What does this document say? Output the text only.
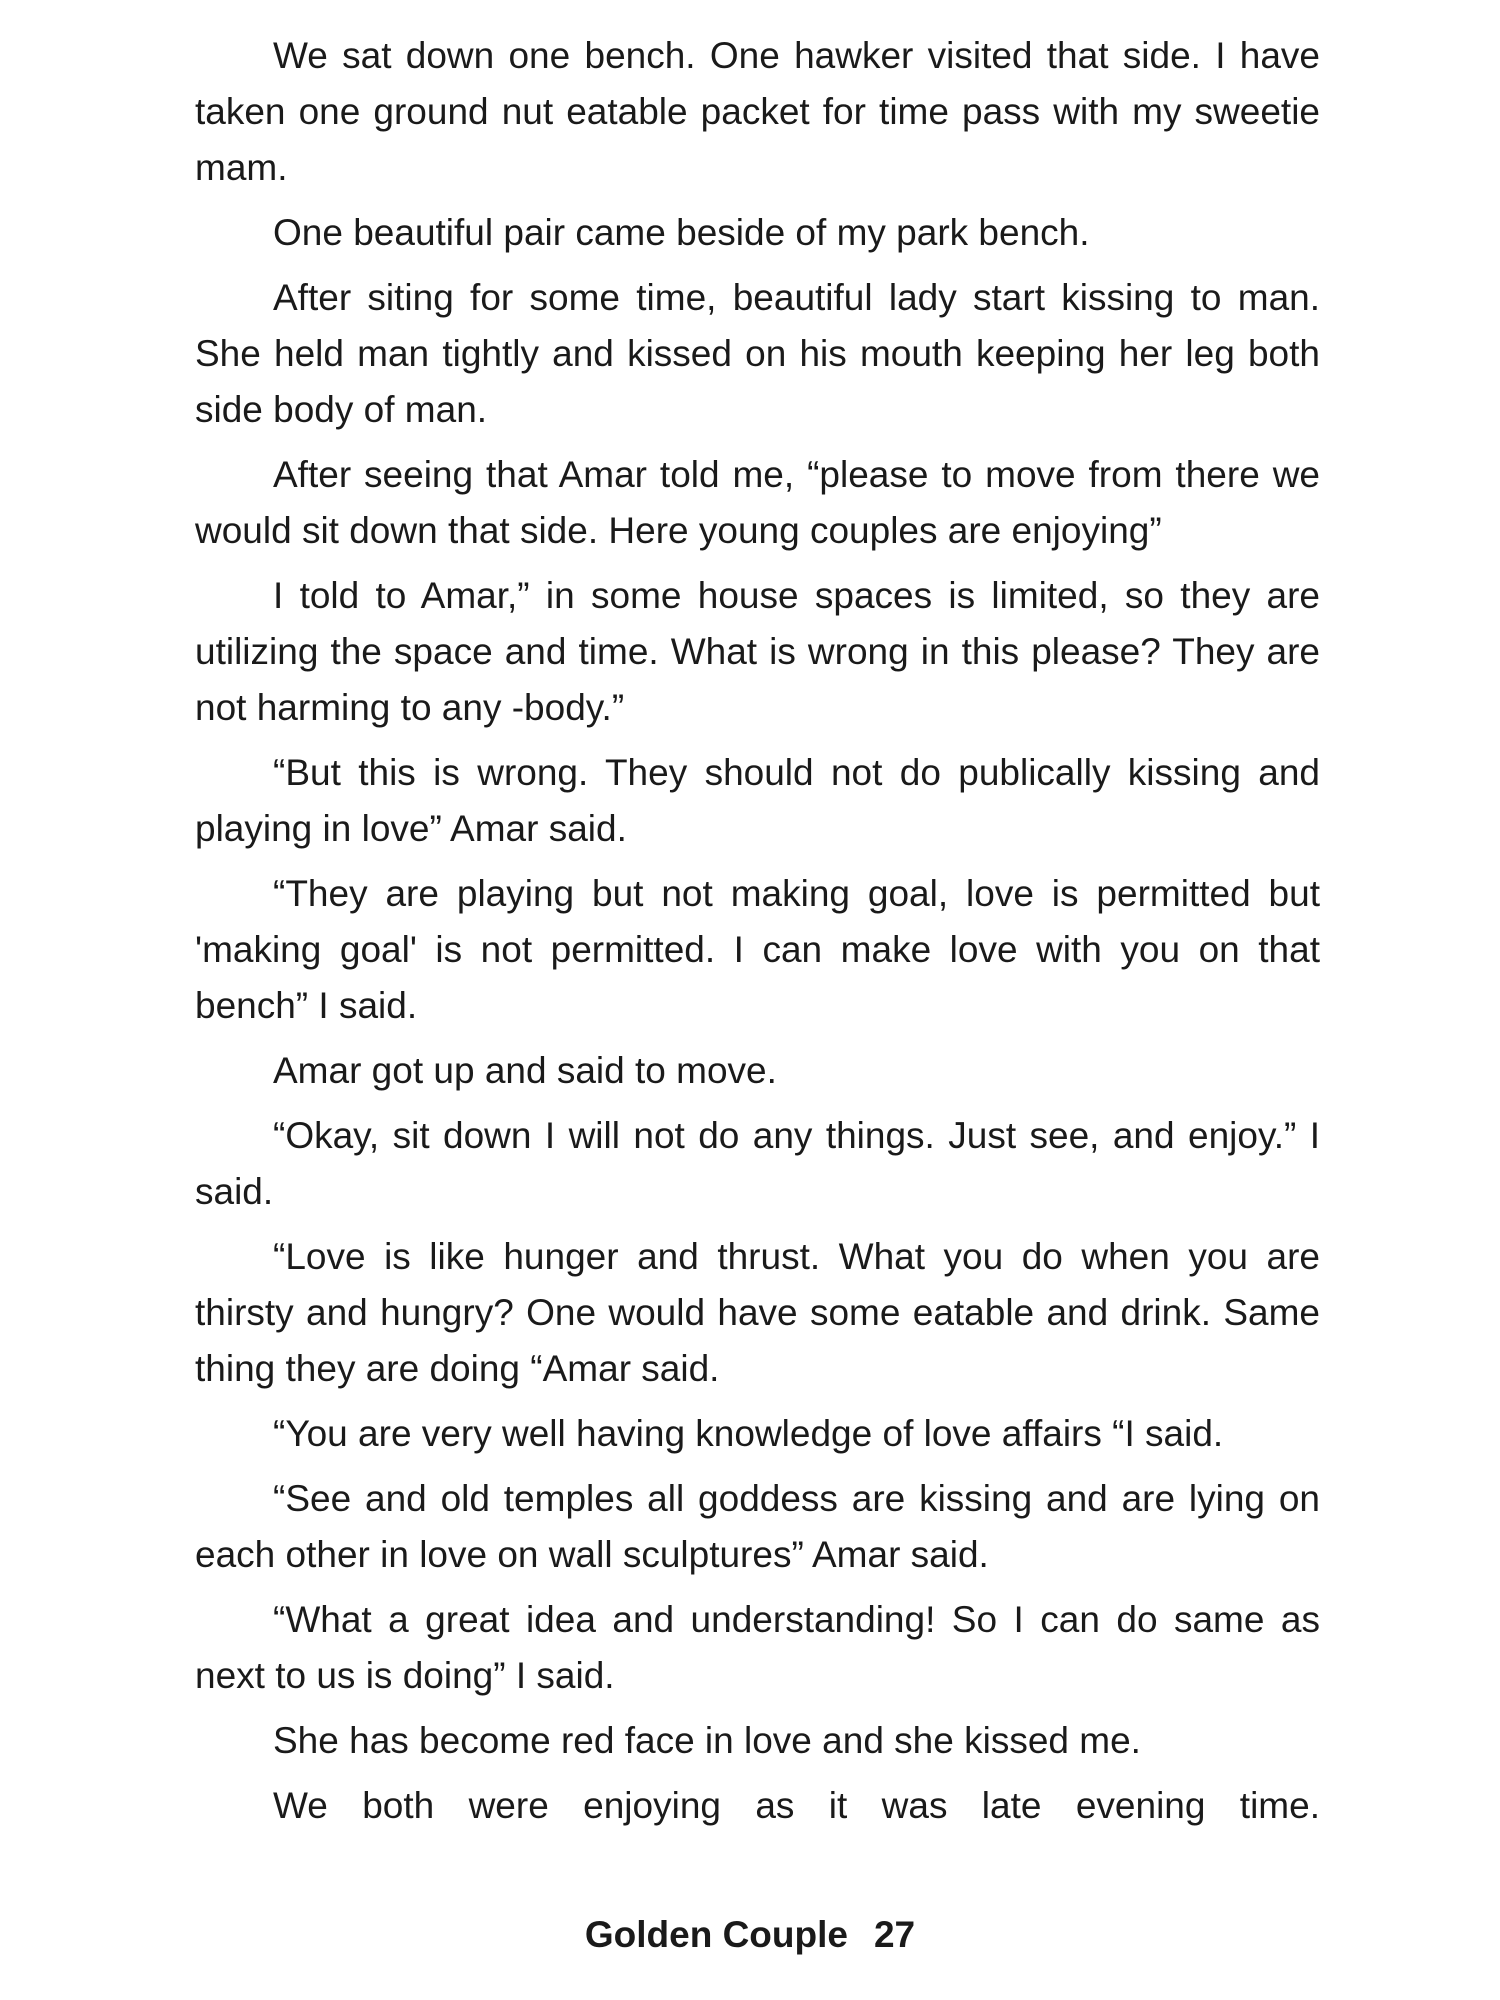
We sat down one bench. One hawker visited that side. I have taken one ground nut eatable packet for time pass with my sweetie mam.

One beautiful pair came beside of my park bench.

After siting for some time, beautiful lady start kissing to man. She held man tightly and kissed on his mouth keeping her leg both side body of man.

After seeing that Amar told me, “please to move from there we would sit down that side. Here young couples are enjoying”

I told to Amar,” in some house spaces is limited, so they are utilizing the space and time. What is wrong in this please? They are not harming to any -body.”

“But this is wrong. They should not do publically kissing and playing in love” Amar said.

“They are playing but not making goal, love is permitted but 'making goal' is not permitted. I can make love with you on that bench” I said.

Amar got up and said to move.

“Okay, sit down I will not do any things. Just see, and enjoy.” I said.

“Love is like hunger and thrust. What you do when you are thirsty and hungry? One would have some eatable and drink. Same thing they are doing “Amar said.

“You are very well having knowledge of love affairs “I said.

“See and old temples all goddess are kissing and are lying on each other in love on wall sculptures” Amar said.

“What a great idea and understanding! So I can do same as next to us is doing” I said.

She has become red face in love and she kissed me.

We both were enjoying as it was late evening time.

Golden Couple 27
